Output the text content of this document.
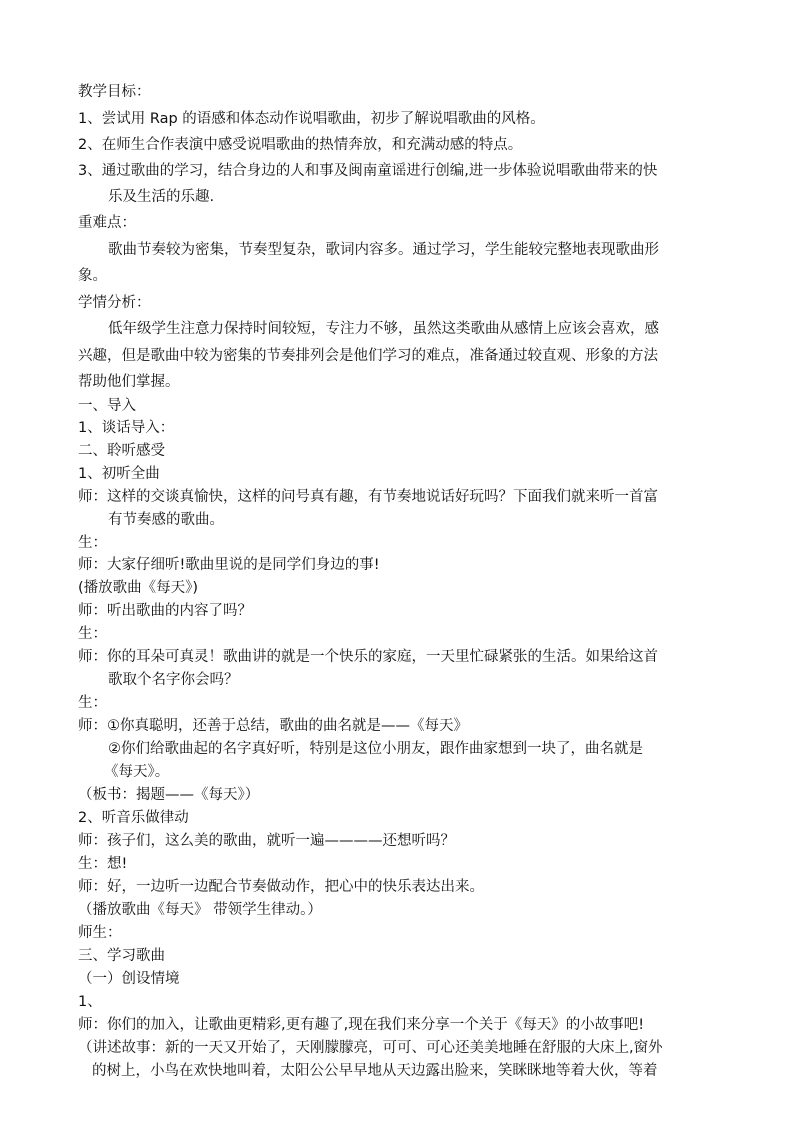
教学目标：
1、尝试用 Rap 的语感和体态动作说唱歌曲，初步了解说唱歌曲的风格。
2、在师生合作表演中感受说唱歌曲的热情奔放，和充满动感的特点。
3、通过歌曲的学习，结合身边的人和事及闽南童谣进行创编,进一步体验说唱歌曲带来的快
乐及生活的乐趣.
重难点：
歌曲节奏较为密集，节奏型复杂，歌词内容多。通过学习，学生能较完整地表现歌曲形
象。
学情分析：
低年级学生注意力保持时间较短，专注力不够，虽然这类歌曲从感情上应该会喜欢，感
兴趣，但是歌曲中较为密集的节奏排列会是他们学习的难点，准备通过较直观、形象的方法
帮助他们掌握。
一、导入
1、谈话导入：
二、聆听感受
1、初听全曲
师：这样的交谈真愉快，这样的问号真有趣，有节奏地说话好玩吗？下面我们就来听一首富
有节奏感的歌曲。
生：
师：大家仔细听!歌曲里说的是同学们身边的事!
(播放歌曲《每天》)
师：听出歌曲的内容了吗？
生：
师：你的耳朵可真灵！歌曲讲的就是一个快乐的家庭，一天里忙碌紧张的生活。如果给这首
歌取个名字你会吗？
生：
师：①你真聪明，还善于总结，歌曲的曲名就是——《每天》
②你们给歌曲起的名字真好听，特别是这位小朋友，跟作曲家想到一块了，曲名就是
《每天》。
（板书：揭题——《每天》）
2、听音乐做律动
师：孩子们，这么美的歌曲，就听一遍————还想听吗？
生：想!
师：好，一边听一边配合节奏做动作，把心中的快乐表达出来。
（播放歌曲《每天》 带领学生律动。）
师生：
三、学习歌曲
（一）创设情境
1、
师：你们的加入，让歌曲更精彩,更有趣了,现在我们来分享一个关于《每天》的小故事吧!
（讲述故事：新的一天又开始了，天刚朦朦亮，可可、可心还美美地睡在舒服的大床上,窗外
的树上，小鸟在欢快地叫着，太阳公公早早地从天边露出脸来，笑眯眯地等着大伙，等着
